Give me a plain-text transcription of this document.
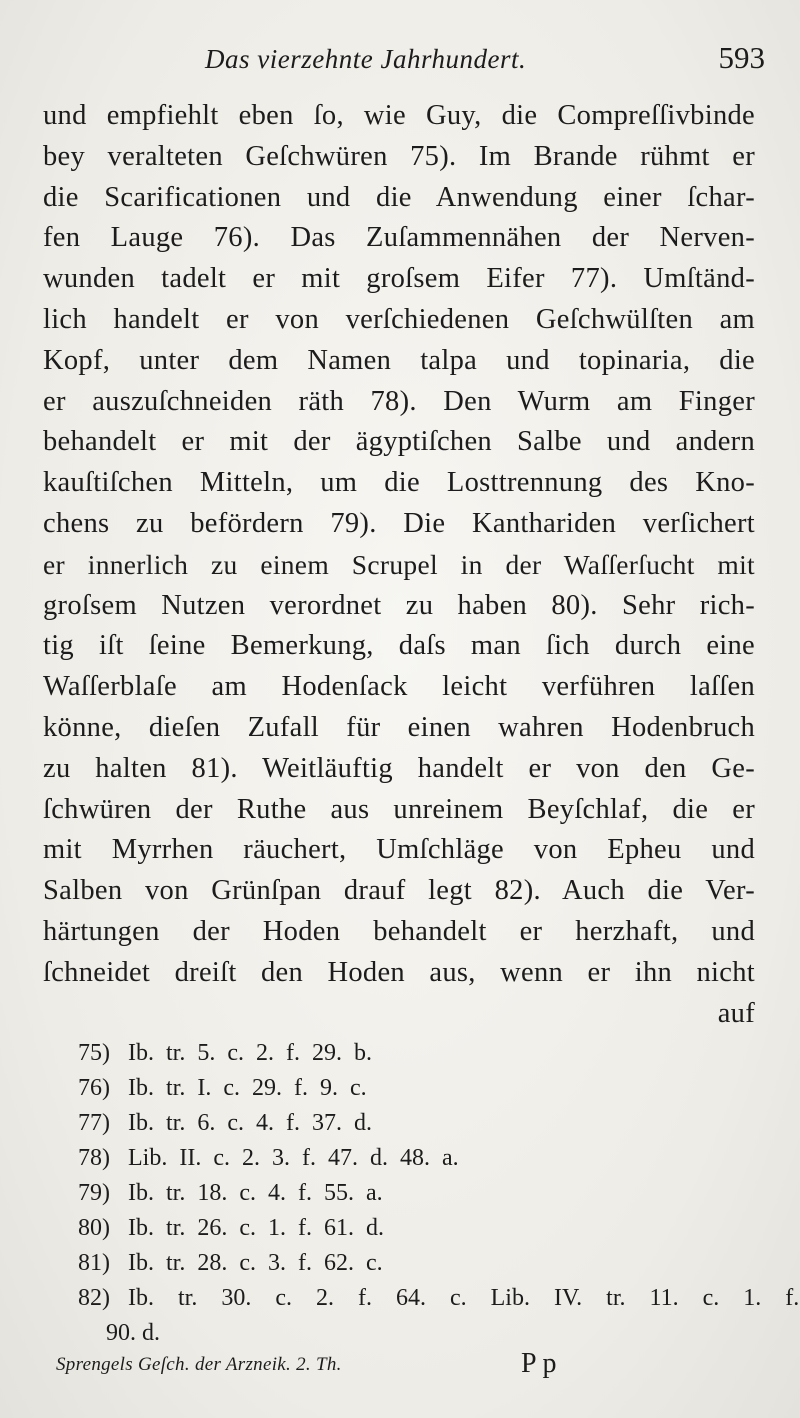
Das vierzehnte Jahrhundert.	593
und empfiehlt eben ſo, wie Guy, die Compreſſivbinde
bey veralteten Geſchwüren 75). Im Brande rühmt er
die Scarificationen und die Anwendung einer ſchar-
fen Lauge 76). Das Zuſammennähen der Nerven-
wunden tadelt er mit groſsem Eifer 77). Umſtänd-
lich handelt er von verſchiedenen Geſchwülſten am
Kopf, unter dem Namen talpa und topinaria, die
er auszuſchneiden räth 78). Den Wurm am Finger
behandelt er mit der ägyptiſchen Salbe und andern
kauſtiſchen Mitteln, um die Losttrennung des Kno-
chens zu befördern 79). Die Kanthariden verſichert
er innerlich zu einem Scrupel in der Waſſerſucht mit
groſsem Nutzen verordnet zu haben 80). Sehr rich-
tig iſt ſeine Bemerkung, daſs man ſich durch eine
Waſſerblaſe am Hodenſack leicht verführen laſſen
könne, dieſen Zufall für einen wahren Hodenbruch
zu halten 81). Weitläuftig handelt er von den Ge-
ſchwüren der Ruthe aus unreinem Beyſchlaf, die er
mit Myrrhen räuchert, Umſchläge von Epheu und
Salben von Grünſpan drauf legt 82). Auch die Ver-
härtungen der Hoden behandelt er herzhaft, und
ſchneidet dreiſt den Hoden aus, wenn er ihn nicht
auf
75) Ib. tr. 5. c. 2. f. 29. b.
76) Ib. tr. I. c. 29. f. 9. c.
77) Ib. tr. 6. c. 4. f. 37. d.
78) Lib. II. c. 2. 3. f. 47. d. 48. a.
79) Ib. tr. 18. c. 4. f. 55. a.
80) Ib. tr. 26. c. 1. f. 61. d.
81) Ib. tr. 28. c. 3. f. 62. c.
82) Ib. tr. 30. c. 2. f. 64. c. Lib. IV. tr. 11. c. 1. f.
90. d.
Sprengels Geſch. der Arzneik. 2. Th.	P p
